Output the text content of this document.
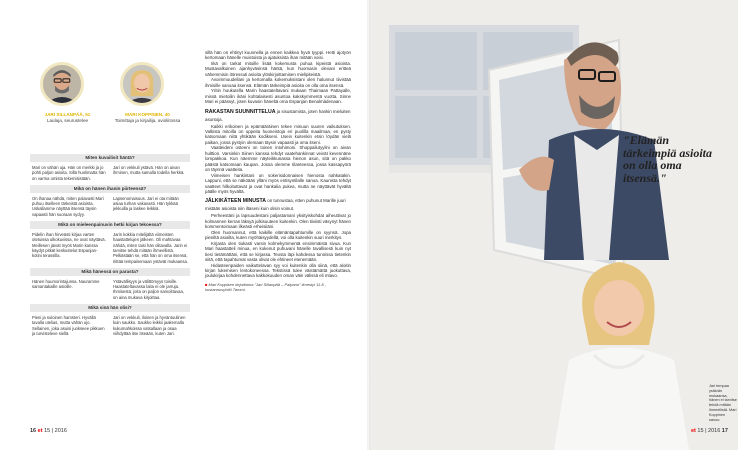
JARI SILLANPÄÄ, 51
Laulaja, seurustelee
MARI KOPPINEN, 40
Toimittaja ja kirjailija, avioliitossa
Miten kuvailisit häntä?

Mari on vähän uja. Hän on merkki ja jo pohti paljon asioita. Sillä huolimatta hän on varma omista tekemisistään.

Jari on vekkuli ystävä. Hän on aivan ihminen, mutta samalla todella herkkä.

Mikä on hänen ihanin piirteensä?

On ihanaa nähdä, miten palavasti Mari puhuu itselleen tärkeistä asioista. Uskallamme näyttää itsensä täysin vapaasti hän suoraan sydyy.

Lapsenomaisuus. Jari ei ota mitään asiaa turhan vakavasti. Hän tykkää jekkuilla ja laskee leikkiä.

Mikä on mieleenpainuvin hetki kirjan tekoessa?

Pidelin ihan hirveästi kirjaa varten otetuissa ulkokuvissa, ne ovat näyttävä. Meillesen jäivät myös Marin kanssa käydyt pitkät keskustelut Espanjan-kotini terassilla.

Jarin kokkia mitelijältä viimeisten haastattelujen jälkeen. Oli mahtavaa nähdä, miten taisi hän olitavalla. Jarin ei tarvitse tehdä mitään ihmeellistä. Pelkästään se, että hän on oma itsensä, riittää tempaisemaan ystävät mukaansa.

Mikä hänessä on parasta?

Hänen huumorintajunsa. Nauramme samantakaille asioille.

Ystävällisyys ja välittömyys toisille. Haastateltavassa laita ei ole jarruja. Ihmisestä, joita on paljon samoittavaa, on aina mukava kirjoittaa.

Mikä sinä hän olisi?

Pieni ja suloinen hamsteri. Hyvällä tavalla utelias, mutta vähän ujo. Sellainen, joka asuisi juokseee pikkuen ja turvisteleve siellä.

Jari on vekkuli, iloinen ja hyväntuulinen kuin saukko. Saukko leikkii jaakemalla kukumahkoissa vatsallaan ja osaa viihdyttää itse itseään, kuten Jari.

sillä hän on ehtinyt kuunnella ja ennen kaikkea hyvä tyyppi. Hetti ajotyön kertomaan hänelle muistoista ja ajatuksista ihan mitään voisi.

Iikä on tarkat mitoille lisää kokemusta puhua kipeistä asioista. Mustavalkoinen ajanhyväsinsä häntä, kun huomasin olevani eritteä vähemmisin itöressuti asioita ylöskirjoittamisen mielipiteistä.

Avoimmuudellani ja kertomalla kokemuksistani olen halunnut tiivistää ihmisille sanoaa itsensä. Elämän tärkeimpiä asioita on olla oma itsensä.

Yritin houkutella Marin haastateltavani mukaan Thaimaan Pattayalle, missä mietoilin ikäni kohtalaisesti asuntoa kakskymmentä vuotta. Sinne Mari ei päässyt, joten kuvasin häneltä oma Espanjan Benalmádenaan.

RAKASTAN SUUNNITTELUA ja sisustamista, joten hankin mieluiten asuntoja.

Kaikki erikoinen ja epämääräinen tekee minuun suuren vaikutuksen. Valkista mitoilla on uppeita huoneistoja eri puolilla maailmaa, en pysty katsomaan niitä yhtikään kodikseni. Usein kuitenkin etsin löydän vielä paikan, jossa pystyin olemaan täysin vapaasti ja oma itseni.

Vaatteideni osteeni on toinen intohimoni. Shoppailutyylini on aivan hulttion. Varsinkin Siinen kanssa tehdyt vaatehankinnat veivät kevennäne lompakkoa. Kun näemme näyteikkunassa hienon asun, sitä on pakko päästä katsomaan kaupan. Jossa olemme tilanteessa, jossa kassapyörä on täynnä vaatteita.

Viimeisen hankintani on sokerisidonnaisen hienosta nahkatakin. Lappuni, että se näköään ylläni myös entisyntilalle sanoa. Kaunista tehdyt vaatteet hilkoituttavat ja ovat hankalia pukea, mutta ne näyttävät hyvältä päälle myös hyvältä.

JÄLKIKÄTEEN MINUSTA on tunnustaa, etten puhunut Marille juuri mistään asioista niin iltaseni kuin olisin voinut.

Perheestäni ja lapsuudestani paljastamani yksityiskohdat aiheuttivat jo kolmannen kerran läksyä julkisuuteen kuitenkin. Olen tiiviisti väsynyt hänen kommentoimaan ilkeästi erheisiiäni.

Olen huomannut, että kaikille elämäntapahtumille on syynsä. Jopa pieniltä asioilta, kuten myöhäisyydellä, voi olla kuitenkin suuri merkitys.

Kirjasta olen tiukasti varsin kolmekymmentä ensimmäistä sivua. Kun Mari haastatteli minua, en kokenut puhuvani hänelle tavallisesti kuin nyt tiesi tietämättäni, että se kirjassa. Teosta läpi kahdessa tunnissa tietenkin siitä, että tapahtumat vasta olivat ole ehtineet etenemään.

Hidasteenpaiden vaikuttelavan syy voi kuitenkin olla siinä, että aloitin kirjan lukemisen lentokoneessa. Tekstissä tulee väistämättä juokuttava, joulukirjaa kohdennettava kakkokuuden oman väin välissä eli mtavo.

■ Mari Koppisen kirjoittama "Jari Sillanpää – Palpano" ilmestyi 11.8., kustannusyhtiö Tammi.
16 et 15 | 2016
"Elämän tärkeimpiä asioita on olla oma itsensä."
Jari tempaa ystävän mukaansa, hänen ei tarvitse tehdä mitään ihmeellistä. Mari Koppinen sanoo.
et 15 | 2016 17
